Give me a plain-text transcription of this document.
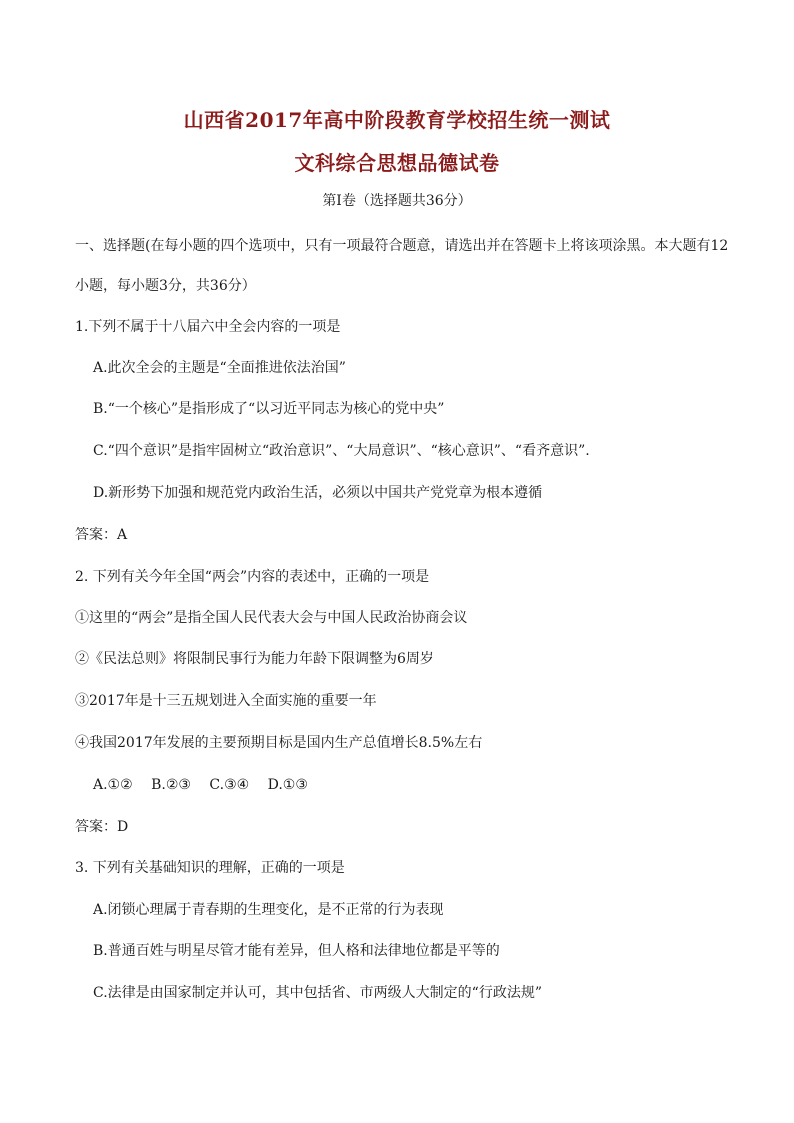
山西省2017年高中阶段教育学校招生统一测试
文科综合思想品德试卷
第Ⅰ卷（选择题共36分）
一、选择题(在每小题的四个选项中，只有一项最符合题意，请选出并在答题卡上将该项涂黑。本大题有12
小题，每小题3分，共36分）
1.下列不属于十八届六中全会内容的一项是
A.此次全会的主题是“全面推进依法治国”
B.“一个核心”是指形成了“以习近平同志为核心的党中央”
C.“四个意识”是指牢固树立“政治意识”、“大局意识”、“核心意识”、“看齐意识”.
D.新形势下加强和规范党内政治生活，必须以中国共产党党章为根本遵循
答案：A
2. 下列有关今年全国“两会”内容的表述中，正确的一项是
①这里的“两会”是指全国人民代表大会与中国人民政治协商会议
②《民法总则》将限制民事行为能力年龄下限调整为6周岁
③2017年是十三五规划进入全面实施的重要一年
④我国2017年发展的主要预期目标是国内生产总值增长8.5%左右
A.①②　 B.②③　 C.③④　 D.①③
答案：D
3. 下列有关基础知识的理解，正确的一项是
A.闭锁心理属于青春期的生理变化，是不正常的行为表现
B.普通百姓与明星尽管才能有差异，但人格和法律地位都是平等的
C.法律是由国家制定并认可，其中包括省、市两级人大制定的“行政法规”
